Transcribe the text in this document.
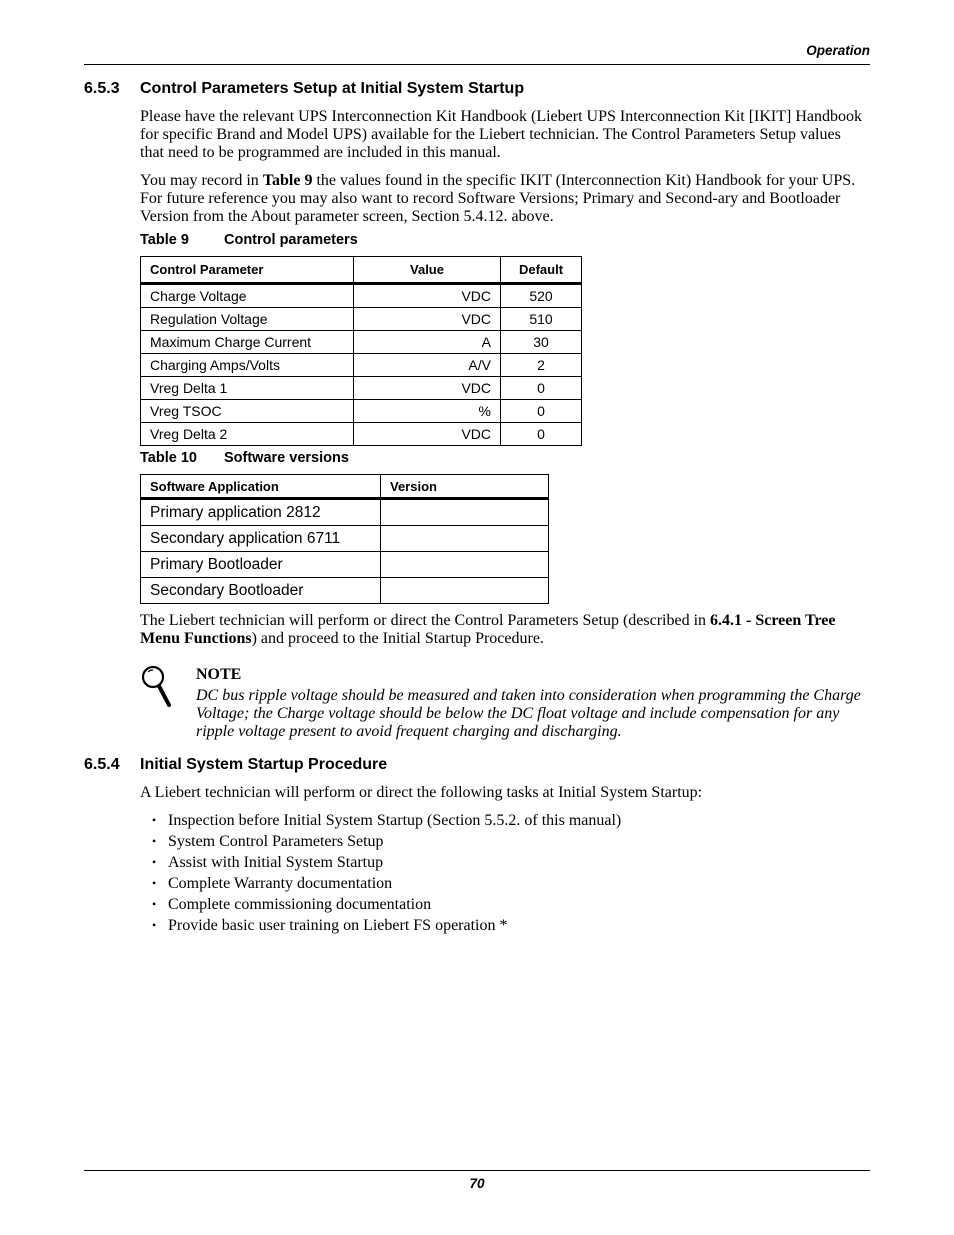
Operation
6.5.3	Control Parameters Setup at Initial System Startup
Please have the relevant UPS Interconnection Kit Handbook (Liebert UPS Interconnection Kit [IKIT] Handbook for specific Brand and Model UPS) available for the Liebert technician. The Control Parameters Setup values that need to be programmed are included in this manual.
You may record in Table 9 the values found in the specific IKIT (Interconnection Kit) Handbook for your UPS. For future reference you may also want to record Software Versions; Primary and Second-ary and Bootloader Version from the About parameter screen, Section 5.4.12. above.
Table 9	Control parameters
Control Parameter	Value	Default
Charge Voltage	VDC	520
Regulation Voltage	VDC	510
Maximum Charge Current	A	30
Charging Amps/Volts	A/V	2
Vreg Delta 1	VDC	0
Vreg TSOC	%	0
Vreg Delta 2	VDC	0
Table 10	Software versions
Software Application	Version
Primary application 2812	
Secondary application 6711	
Primary Bootloader	
Secondary Bootloader	
The Liebert technician will perform or direct the Control Parameters Setup (described in 6.4.1 - Screen Tree Menu Functions) and proceed to the Initial Startup Procedure.
NOTE
DC bus ripple voltage should be measured and taken into consideration when programming the Charge Voltage; the Charge voltage should be below the DC float voltage and include compensation for any ripple voltage present to avoid frequent charging and discharging.
6.5.4	Initial System Startup Procedure
A Liebert technician will perform or direct the following tasks at Initial System Startup:
• Inspection before Initial System Startup (Section 5.5.2. of this manual)
• System Control Parameters Setup
• Assist with Initial System Startup
• Complete Warranty documentation
• Complete commissioning documentation
• Provide basic user training on Liebert FS operation *
70
